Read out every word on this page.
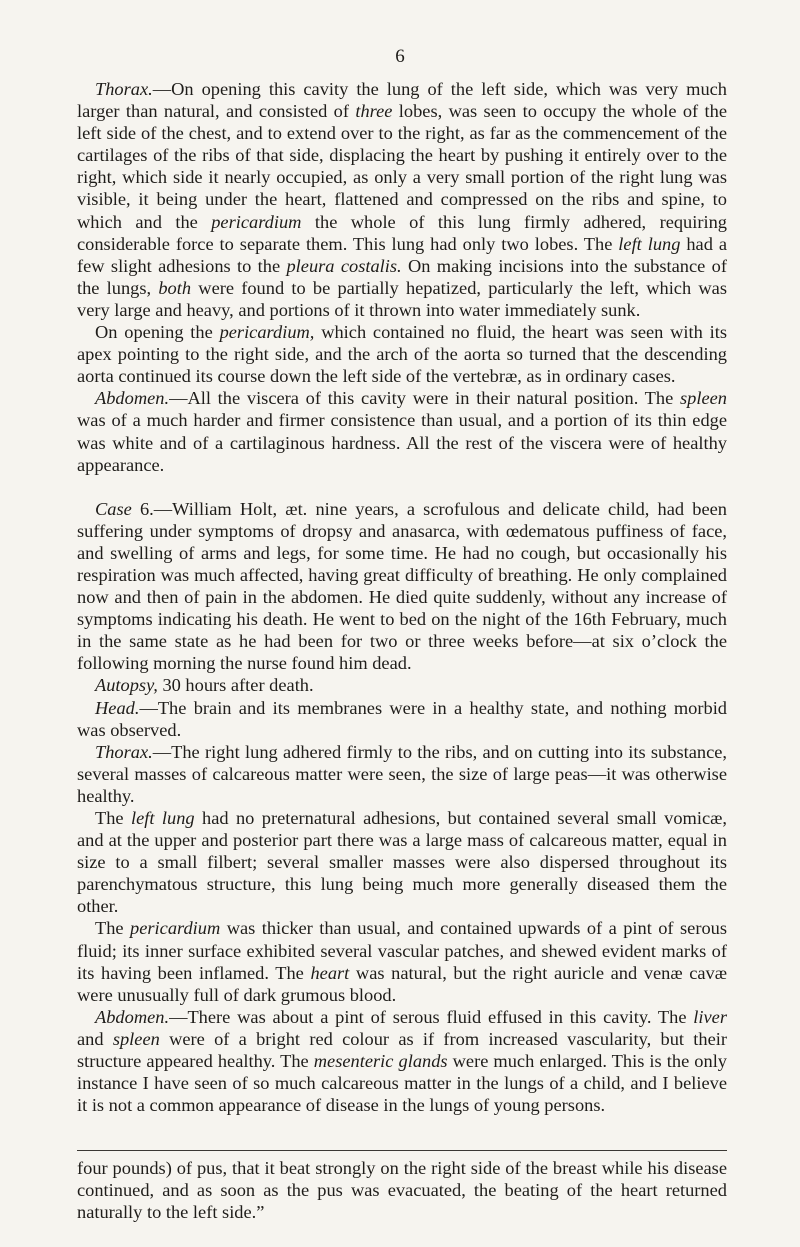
6

Thorax.—On opening this cavity the lung of the left side, which was very much larger than natural, and consisted of three lobes, was seen to occupy the whole of the left side of the chest, and to extend over to the right, as far as the commencement of the cartilages of the ribs of that side, displacing the heart by pushing it entirely over to the right, which side it nearly occupied, as only a very small portion of the right lung was visible, it being under the heart, flattened and compressed on the ribs and spine, to which and the pericardium the whole of this lung firmly adhered, requiring considerable force to separate them. This lung had only two lobes. The left lung had a few slight adhesions to the pleura costalis. On making incisions into the substance of the lungs, both were found to be partially hepatized, particularly the left, which was very large and heavy, and portions of it thrown into water immediately sunk.

On opening the pericardium, which contained no fluid, the heart was seen with its apex pointing to the right side, and the arch of the aorta so turned that the descending aorta continued its course down the left side of the vertebræ, as in ordinary cases.

Abdomen.—All the viscera of this cavity were in their natural position. The spleen was of a much harder and firmer consistence than usual, and a portion of its thin edge was white and of a cartilaginous hardness. All the rest of the viscera were of healthy appearance.

Case 6.—William Holt, æt. nine years, a scrofulous and delicate child, had been suffering under symptoms of dropsy and anasarca, with œdematous puffiness of face, and swelling of arms and legs, for some time. He had no cough, but occasionally his respiration was much affected, having great difficulty of breathing. He only complained now and then of pain in the abdomen. He died quite suddenly, without any increase of symptoms indicating his death. He went to bed on the night of the 16th February, much in the same state as he had been for two or three weeks before—at six o’clock the following morning the nurse found him dead.

Autopsy, 30 hours after death.

Head.—The brain and its membranes were in a healthy state, and nothing morbid was observed.

Thorax.—The right lung adhered firmly to the ribs, and on cutting into its substance, several masses of calcareous matter were seen, the size of large peas—it was otherwise healthy.

The left lung had no preternatural adhesions, but contained several small vomicæ, and at the upper and posterior part there was a large mass of calcareous matter, equal in size to a small filbert; several smaller masses were also dispersed throughout its parenchymatous structure, this lung being much more generally diseased them the other.

The pericardium was thicker than usual, and contained upwards of a pint of serous fluid; its inner surface exhibited several vascular patches, and shewed evident marks of its having been inflamed. The heart was natural, but the right auricle and venæ cavæ were unusually full of dark grumous blood.

Abdomen.—There was about a pint of serous fluid effused in this cavity. The liver and spleen were of a bright red colour as if from increased vascularity, but their structure appeared healthy. The mesenteric glands were much enlarged. This is the only instance I have seen of so much calcareous matter in the lungs of a child, and I believe it is not a common appearance of disease in the lungs of young persons.

four pounds) of pus, that it beat strongly on the right side of the breast while his disease continued, and as soon as the pus was evacuated, the beating of the heart returned naturally to the left side.”
